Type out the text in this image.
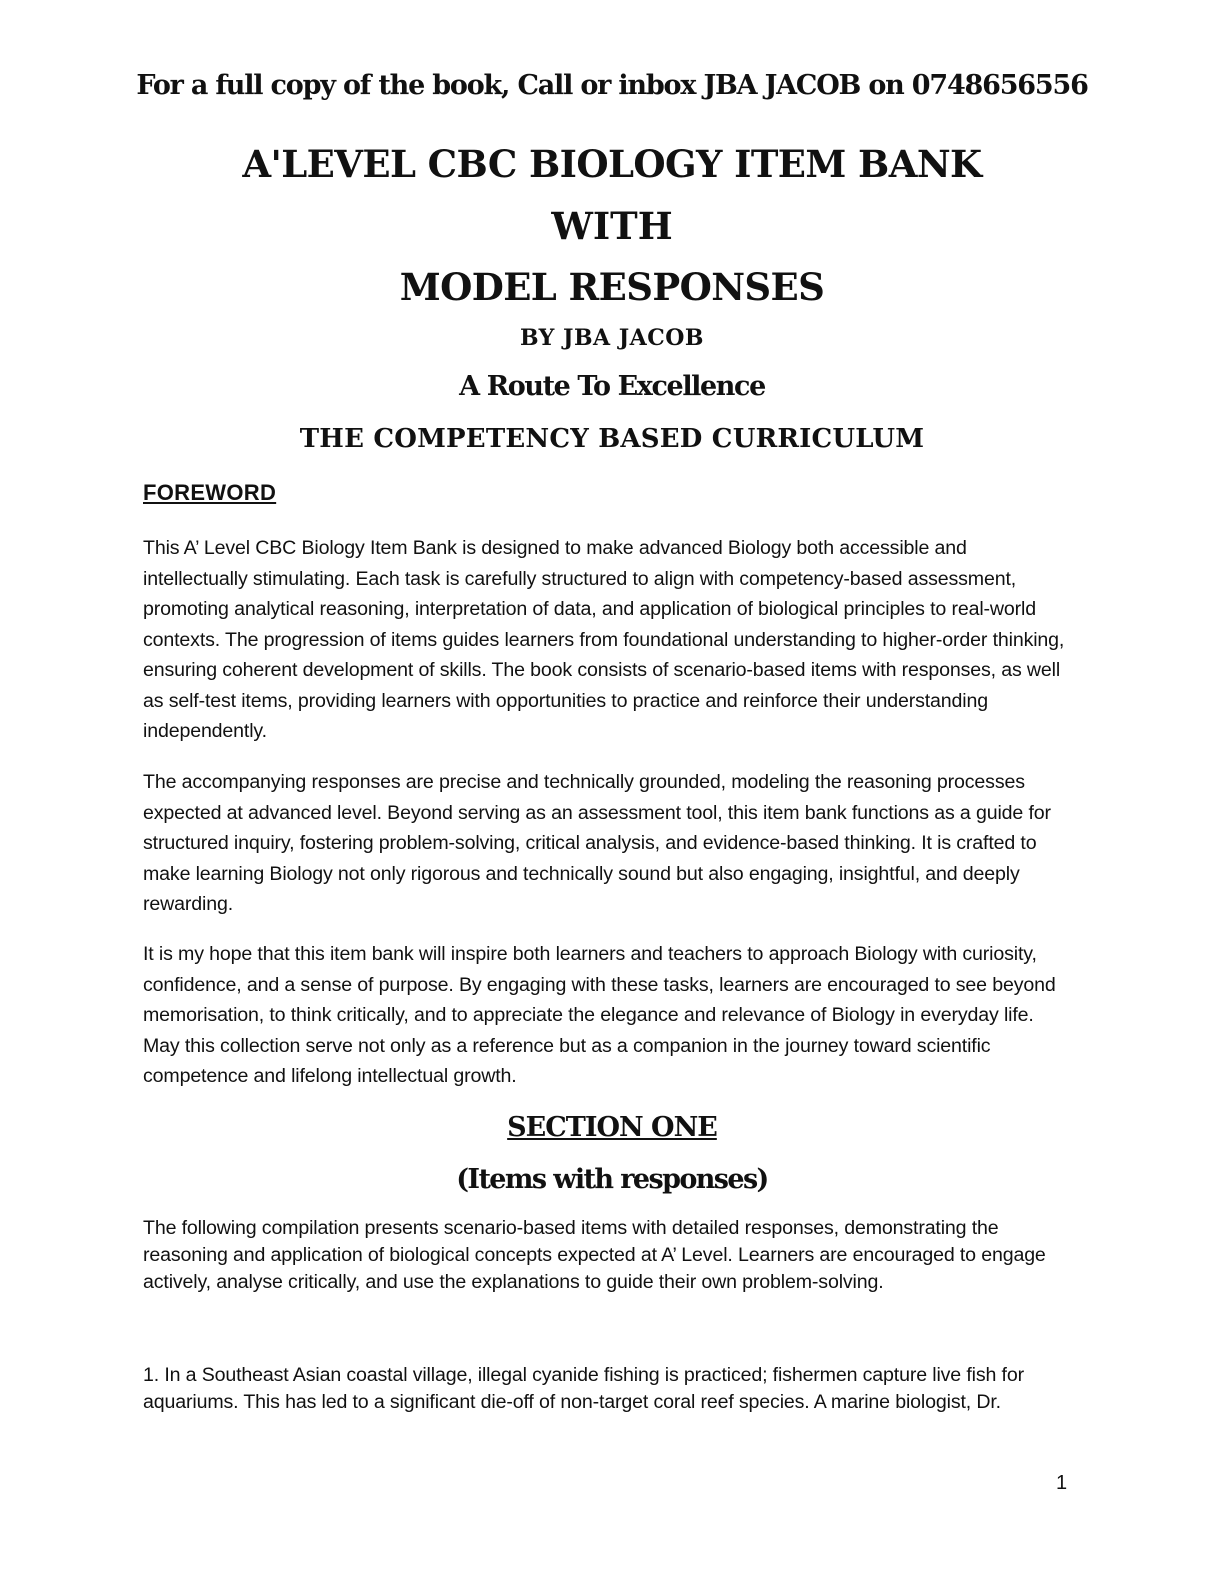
For a full copy of the book, Call or inbox JBA JACOB on 0748656556
A'LEVEL CBC BIOLOGY ITEM BANK
WITH
MODEL RESPONSES
BY JBA JACOB
A Route To Excellence
THE COMPETENCY BASED CURRICULUM
FOREWORD

This A’ Level CBC Biology Item Bank is designed to make advanced Biology both accessible and intellectually stimulating. Each task is carefully structured to align with competency-based assessment, promoting analytical reasoning, interpretation of data, and application of biological principles to real-world contexts. The progression of items guides learners from foundational understanding to higher-order thinking, ensuring coherent development of skills. The book consists of scenario-based items with responses, as well as self-test items, providing learners with opportunities to practice and reinforce their understanding independently.

The accompanying responses are precise and technically grounded, modeling the reasoning processes expected at advanced level. Beyond serving as an assessment tool, this item bank functions as a guide for structured inquiry, fostering problem-solving, critical analysis, and evidence-based thinking. It is crafted to make learning Biology not only rigorous and technically sound but also engaging, insightful, and deeply rewarding.

It is my hope that this item bank will inspire both learners and teachers to approach Biology with curiosity, confidence, and a sense of purpose. By engaging with these tasks, learners are encouraged to see beyond memorisation, to think critically, and to appreciate the elegance and relevance of Biology in everyday life. May this collection serve not only as a reference but as a companion in the journey toward scientific competence and lifelong intellectual growth.

SECTION ONE
(Items with responses)

The following compilation presents scenario-based items with detailed responses, demonstrating the reasoning and application of biological concepts expected at A’ Level. Learners are encouraged to engage actively, analyse critically, and use the explanations to guide their own problem-solving.

1. In a Southeast Asian coastal village, illegal cyanide fishing is practiced; fishermen capture live fish for aquariums. This has led to a significant die-off of non-target coral reef species. A marine biologist, Dr.

1
